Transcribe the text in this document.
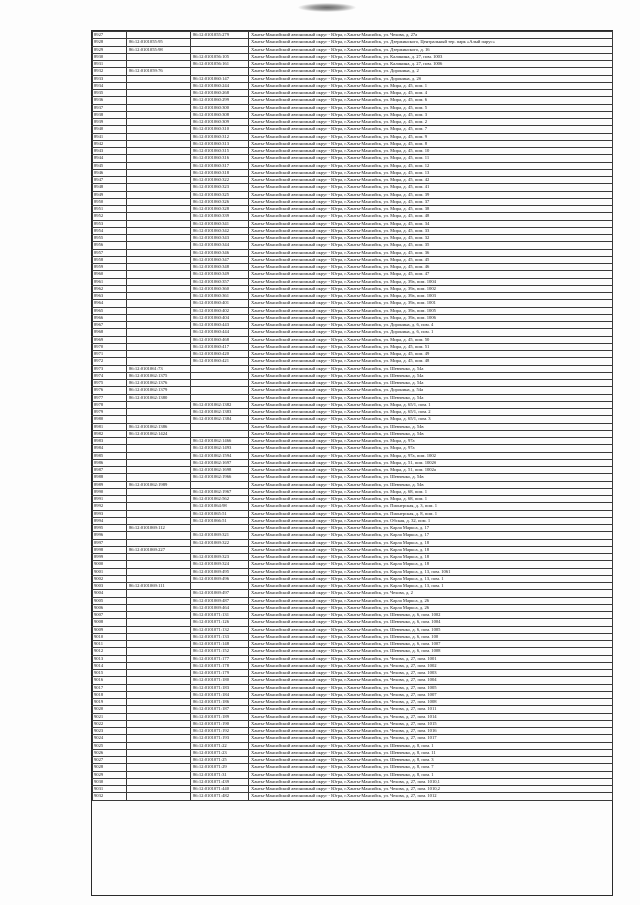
8927		86:12:0101055:279	Ханты-Мансийский автономный округ - Югра, г.Ханты-Мансийск, ул. Чехова, д. 27а
8928	86:12:0101055:95		Ханты-Мансийский автономный округ - Югра, г.Ханты-Мансийск, ул. Дзержинского, Центральный тер. парк «Алый парус»
8929	86:12:0101055:98		Ханты-Мансийский автономный округ - Югра, г.Ханты-Мансийск, ул. Дзержинского, д. 16
8930		86:12:0101056:105	Ханты-Мансийский автономный округ - Югра, г.Ханты-Мансийск, ул. Калинина, д. 27, пом. 1003
8931		86:12:0101056:161	Ханты-Мансийский автономный округ - Югра, г.Ханты-Мансийск, ул. Калинина, д. 27, пом. 1006
8932	86:12:0101059:76		Ханты-Мансийский автономный округ - Югра, г.Ханты-Мансийск, ул. Доронина, д. 2
8933		86:12:0101060:147	Ханты-Мансийский автономный округ - Югра, г.Ханты-Мансийск, ул. Доронина, д. 2б
8934		86:12:0101060:244	Ханты-Мансийский автономный округ - Югра, г.Ханты-Мансийск, ул. Мира, д. 45, пом. 1
8935		86:12:0101060:268	Ханты-Мансийский автономный округ - Югра, г.Ханты-Мансийск, ул. Мира, д. 45, пом. 4
8936		86:12:0101060:299	Ханты-Мансийский автономный округ - Югра, г.Ханты-Мансийск, ул. Мира, д. 45, пом. 6
8937		86:12:0101060:300	Ханты-Мансийский автономный округ - Югра, г.Ханты-Мансийск, ул. Мира, д. 45, пом. 5
8938		86:12:0101060:308	Ханты-Мансийский автономный округ - Югра, г.Ханты-Мансийск, ул. Мира, д. 45, пом. 3
8939		86:12:0101060:309	Ханты-Мансийский автономный округ - Югра, г.Ханты-Мансийск, ул. Мира, д. 45, пом. 2
8940		86:12:0101060:310	Ханты-Мансийский автономный округ - Югра, г.Ханты-Мансийск, ул. Мира, д. 45, пом. 7
8941		86:12:0101060:312	Ханты-Мансийский автономный округ - Югра, г.Ханты-Мансийск, ул. Мира, д. 45, пом. 9
8942		86:12:0101060:313	Ханты-Мансийский автономный округ - Югра, г.Ханты-Мансийск, ул. Мира, д. 45, пом. 8
8943		86:12:0101060:315	Ханты-Мансийский автономный округ - Югра, г.Ханты-Мансийск, ул. Мира, д. 45, пом. 10
8944		86:12:0101060:316	Ханты-Мансийский автономный округ - Югра, г.Ханты-Мансийск, ул. Мира, д. 45, пом. 11
8945		86:12:0101060:317	Ханты-Мансийский автономный округ - Югра, г.Ханты-Мансийск, ул. Мира, д. 45, пом. 12
8946		86:12:0101060:318	Ханты-Мансийский автономный округ - Югра, г.Ханты-Мансийск, ул. Мира, д. 45, пом. 13
8947		86:12:0101060:322	Ханты-Мансийский автономный округ - Югра, г.Ханты-Мансийск, ул. Мира, д. 45, пом. 42
8948		86:12:0101060:323	Ханты-Мансийский автономный округ - Югра, г.Ханты-Мансийск, ул. Мира, д. 45, пом. 41
8949		86:12:0101060:325	Ханты-Мансийский автономный округ - Югра, г.Ханты-Мансийск, ул. Мира, д. 45, пом. 39
8950		86:12:0101060:326	Ханты-Мансийский автономный округ - Югра, г.Ханты-Мансийск, ул. Мира, д. 45, пом. 37
8951		86:12:0101060:328	Ханты-Мансийский автономный округ - Югра, г.Ханты-Мансийск, ул. Мира, д. 45, пом. 38
8952		86:12:0101060:339	Ханты-Мансийский автономный округ - Югра, г.Ханты-Мансийск, ул. Мира, д. 45, пом. 48
8953		86:12:0101060:341	Ханты-Мансийский автономный округ - Югра, г.Ханты-Мансийск, ул. Мира, д. 45, пом. 34
8954		86:12:0101060:342	Ханты-Мансийский автономный округ - Югра, г.Ханты-Мансийск, ул. Мира, д. 45, пом. 33
8955		86:12:0101060:343	Ханты-Мансийский автономный округ - Югра, г.Ханты-Мансийск, ул. Мира, д. 45, пом. 32
8956		86:12:0101060:344	Ханты-Мансийский автономный округ - Югра, г.Ханты-Мансийск, ул. Мира, д. 45, пом. 35
8957		86:12:0101060:346	Ханты-Мансийский автономный округ - Югра, г.Ханты-Мансийск, ул. Мира, д. 45, пом. 36
8958		86:12:0101060:347	Ханты-Мансийский автономный округ - Югра, г.Ханты-Мансийск, ул. Мира, д. 45, пом. 45
8959		86:12:0101060:348	Ханты-Мансийский автономный округ - Югра, г.Ханты-Мансийск, ул. Мира, д. 45, пом. 46
8960		86:12:0101060:349	Ханты-Мансийский автономный округ - Югра, г.Ханты-Мансийск, ул. Мира, д. 45, пом. 47
8961		86:12:0101060:357	Ханты-Мансийский автономный округ - Югра, г.Ханты-Мансийск, ул. Мира, д. 39а, пом. 1004
8962		86:12:0101060:360	Ханты-Мансийский автономный округ - Югра, г.Ханты-Мансийск, ул. Мира, д. 39а, пом. 1002
8963		86:12:0101060:361	Ханты-Мансийский автономный округ - Югра, г.Ханты-Мансийск, ул. Мира, д. 39а, пом. 1003
8964		86:12:0101060:401	Ханты-Мансийский автономный округ - Югра, г.Ханты-Мансийск, ул. Мира, д. 39а, пом. 1001
8965		86:12:0101060:402	Ханты-Мансийский автономный округ - Югра, г.Ханты-Мансийск, ул. Мира, д. 39а, пом. 1005
8966		86:12:0101060:404	Ханты-Мансийский автономный округ - Югра, г.Ханты-Мансийск, ул. Мира, д. 39а, пом. 1006
8967		86:12:0101060:443	Ханты-Мансийский автономный округ - Югра, г.Ханты-Мансийск, ул. Доронина, д. 6, пом. 4
8968		86:12:0101060:444	Ханты-Мансийский автономный округ - Югра, г.Ханты-Мансийск, ул. Доронина, д. 6, пом. 1
8969		86:12:0101060:468	Ханты-Мансийский автономный округ - Югра, г.Ханты-Мансийск, ул. Мира, д. 45, пом. 50
8970		86:12:0101060:417	Ханты-Мансийский автономный округ - Югра, г.Ханты-Мансийск, ул. Мира, д. 45, пом. 51
8971		86:12:0101060:420	Ханты-Мансийский автономный округ - Югра, г.Ханты-Мансийск, ул. Мира, д. 45, пом. 49
8972		86:12:0101060:421	Ханты-Мансийский автономный округ - Югра, г.Ханты-Мансийск, ул. Мира, д. 45, пом. 48
8973	86:12:0101061:73		Ханты-Мансийский автономный округ - Югра, г.Ханты-Мансийск, ул. Шевченко, д. 54а
8974	86:12:0101062:1375		Ханты-Мансийский автономный округ - Югра, г.Ханты-Мансийск, ул. Шевченко, д. 54а
8975	86:12:0101062:1376		Ханты-Мансийский автономный округ - Югра, г.Ханты-Мансийск, ул. Шевченко, д. 54а
8976	86:12:0101062:1379		Ханты-Мансийский автономный округ - Югра, г.Ханты-Мансийск, ул. Доронина, д. 54а
8977	86:12:0101062:1380		Ханты-Мансийский автономный округ - Югра, г.Ханты-Мансийск, ул. Шевченко, д. 54а
8978		86:12:0101062:1382	Ханты-Мансийский автономный округ - Югра, г.Ханты-Мансийск, ул. Мира, д. 65/1, пом. 1
8979		86:12:0101062:1383	Ханты-Мансийский автономный округ - Югра, г.Ханты-Мансийск, ул. Мира, д. 65/1, пом. 2
8980		86:12:0101062:1384	Ханты-Мансийский автономный округ - Югра, г.Ханты-Мансийск, ул. Мира, д. 65/1, пом. 3
8981	86:12:0101062:1386		Ханты-Мансийский автономный округ - Югра, г.Ханты-Мансийск, ул. Шевченко, д. 54в
8982	86:12:0101062:1424		Ханты-Мансийский автономный округ - Югра, г.Ханты-Мансийск, ул. Шевченко, д. 54в
8983		86:12:0101062:1466	Ханты-Мансийский автономный округ - Югра, г.Ханты-Мансийск, ул. Мира, д. 97а
8984		86:12:0101062:1493	Ханты-Мансийский автономный округ - Югра, г.Ханты-Мансийск, ул. Мира, д. 97а
8985		86:12:0101062:1594	Ханты-Мансийский автономный округ - Югра, г.Ханты-Мансийск, ул. Мира, д. 97а, пом. 1002
8986		86:12:0101062:1697	Ханты-Мансийский автономный округ - Югра, г.Ханты-Мансийск, ул. Мира, д. 51, пом. 1002б
8987		86:12:0101062:1698	Ханты-Мансийский автономный округ - Югра, г.Ханты-Мансийск, ул. Мира, д. 51, пом. 1002а
8988		86:12:0101062:1966	Ханты-Мансийский автономный округ - Югра, г.Ханты-Мансийск, ул. Шевченко, д. 54в
8989	86:12:0101062:1989		Ханты-Мансийский автономный округ - Югра, г.Ханты-Мансийск, ул. Шевченко, д. 54в
8990		86:12:0101062:1967	Ханты-Мансийский автономный округ - Югра, г.Ханты-Мансийск, ул. Мира, д. 68, пом. 1
8991		86:12:0101062:562	Ханты-Мансийский автономный округ - Югра, г.Ханты-Мансийск, ул. Мира, д. 68, пом. 1
8992		86:12:0101064:98	Ханты-Мансийский автономный округ - Югра, г.Ханты-Мансийск, ул. Пионерская, д. 3, пом. 1
8993		86:12:0101065:51	Ханты-Мансийский автономный округ - Югра, г.Ханты-Мансийск, ул. Пионерская, д. 8, пом. 1
8994		86:12:0101066:51	Ханты-Мансийский автономный округ - Югра, г.Ханты-Мансийск, ул. Обская, д. 32, пом. 1
8995	86:12:0101069:112		Ханты-Мансийский автономный округ - Югра, г.Ханты-Мансийск, ул. Карла Маркса, д. 17
8996		86:12:0101069:321	Ханты-Мансийский автономный округ - Югра, г.Ханты-Мансийск, ул. Карла Маркса, д. 17
8997		86:12:0101069:322	Ханты-Мансийский автономный округ - Югра, г.Ханты-Мансийск, ул. Карла Маркса, д. 18
8998	86:12:0101069:227		Ханты-Мансийский автономный округ - Югра, г.Ханты-Мансийск, ул. Карла Маркса, д. 18
8999		86:12:0101069:323	Ханты-Мансийский автономный округ - Югра, г.Ханты-Мансийск, ул. Карла Маркса, д. 18
9000		86:12:0101069:324	Ханты-Мансийский автономный округ - Югра, г.Ханты-Мансийск, ул. Карла Маркса, д. 18
9001		86:12:0101069:495	Ханты-Мансийский автономный округ - Югра, г.Ханты-Мансийск, ул. Карла Маркса, д. 13, пом. 1061
9002		86:12:0101069:496	Ханты-Мансийский автономный округ - Югра, г.Ханты-Мансийск, ул. Карла Маркса, д. 13, пом. 1
9003	86:12:0101069:111		Ханты-Мансийский автономный округ - Югра, г.Ханты-Мансийск, ул. Карла Маркса, д. 13, пом. 1
9004		86:12:0101069:497	Ханты-Мансийский автономный округ - Югра, г.Ханты-Мансийск, ул. Чехова, д. 2
9005		86:12:0101069:487	Ханты-Мансийский автономный округ - Югра, г.Ханты-Мансийск, ул. Карла Маркса, д. 26
9006		86:12:0101069:464	Ханты-Мансийский автономный округ - Югра, г.Ханты-Мансийск, ул. Карла Маркса, д. 26
9007		86:12:0101071:131	Ханты-Мансийский автономный округ - Югра, г.Ханты-Мансийск, ул. Шевченко, д. 6, пом. 1002
9008		86:12:0101071:126	Ханты-Мансийский автономный округ - Югра, г.Ханты-Мансийск, ул. Шевченко, д. 6, пом. 1004
9009		86:12:0101071:132	Ханты-Мансийский автономный округ - Югра, г.Ханты-Мансийск, ул. Шевченко, д. 6, пом. 1005
9010		86:12:0101071:133	Ханты-Мансийский автономный округ - Югра, г.Ханты-Мансийск, ул. Шевченко, д. 6, пом. 100
9011		86:12:0101071:148	Ханты-Мансийский автономный округ - Югра, г.Ханты-Мансийск, ул. Шевченко, д. 6, пом. 1007
9012		86:12:0101071:152	Ханты-Мансийский автономный округ - Югра, г.Ханты-Мансийск, ул. Шевченко, д. 6, пом. 1008
9013		86:12:0101071:177	Ханты-Мансийский автономный округ - Югра, г.Ханты-Мансийск, ул. Чехова, д. 27, пом. 1001
9014		86:12:0101071:178	Ханты-Мансийский автономный округ - Югра, г.Ханты-Мансийск, ул. Чехова, д. 27, пом. 1002
9015		86:12:0101071:179	Ханты-Мансийский автономный округ - Югра, г.Ханты-Мансийск, ул. Чехова, д. 27, пом. 1003
9016		86:12:0101071:180	Ханты-Мансийский автономный округ - Югра, г.Ханты-Мансийск, ул. Чехова, д. 27, пом. 1004
9017		86:12:0101071:183	Ханты-Мансийский автономный округ - Югра, г.Ханты-Мансийск, ул. Чехова, д. 27, пом. 1005
9018		86:12:0101071:184	Ханты-Мансийский автономный округ - Югра, г.Ханты-Мансийск, ул. Чехова, д. 27, пом. 1007
9019		86:12:0101071:186	Ханты-Мансийский автономный округ - Югра, г.Ханты-Мансийск, ул. Чехова, д. 27, пом. 1008
9020		86:12:0101071:187	Ханты-Мансийский автономный округ - Югра, г.Ханты-Мансийск, ул. Чехова, д. 27, пом. 1011
9021		86:12:0101071:189	Ханты-Мансийский автономный округ - Югра, г.Ханты-Мансийск, ул. Чехова, д. 27, пом. 1014
9022		86:12:0101071:190	Ханты-Мансийский автономный округ - Югра, г.Ханты-Мансийск, ул. Чехова, д. 27, пом. 1015
9023		86:12:0101071:192	Ханты-Мансийский автономный округ - Югра, г.Ханты-Мансийск, ул. Чехова, д. 27, пом. 1016
9024		86:12:0101071:193	Ханты-Мансийский автономный округ - Югра, г.Ханты-Мансийск, ул. Чехова, д. 27, пом. 1017
9025		86:12:0101071:22	Ханты-Мансийский автономный округ - Югра, г.Ханты-Мансийск, ул. Шевченко, д. 8, пом. 1
9026		86:12:0101071:23	Ханты-Мансийский автономный округ - Югра, г.Ханты-Мансийск, ул. Шевченко, д. 8, пом. 11
9027		86:12:0101071:25	Ханты-Мансийский автономный округ - Югра, г.Ханты-Мансийск, ул. Шевченко, д. 8, пом. 3
9028		86:12:0101071:29	Ханты-Мансийский автономный округ - Югра, г.Ханты-Мансийск, ул. Шевченко, д. 8, пом. 7
9029		86:12:0101071:31	Ханты-Мансийский автономный округ - Югра, г.Ханты-Мансийск, ул. Шевченко, д. 8, пом. 1
9030		86:12:0101071:439	Ханты-Мансийский автономный округ - Югра, г.Ханты-Мансийск, ул. Чехова, д. 27, пом. 1010,1
9031		86:12:0101071:440	Ханты-Мансийский автономный округ - Югра, г.Ханты-Мансийск, ул. Чехова, д. 27, пом. 1010,2
9032		86:12:0101071:482	Ханты-Мансийский автономный округ - Югра, г.Ханты-Мансийск, ул. Чехова, д. 27, пом. 1012
